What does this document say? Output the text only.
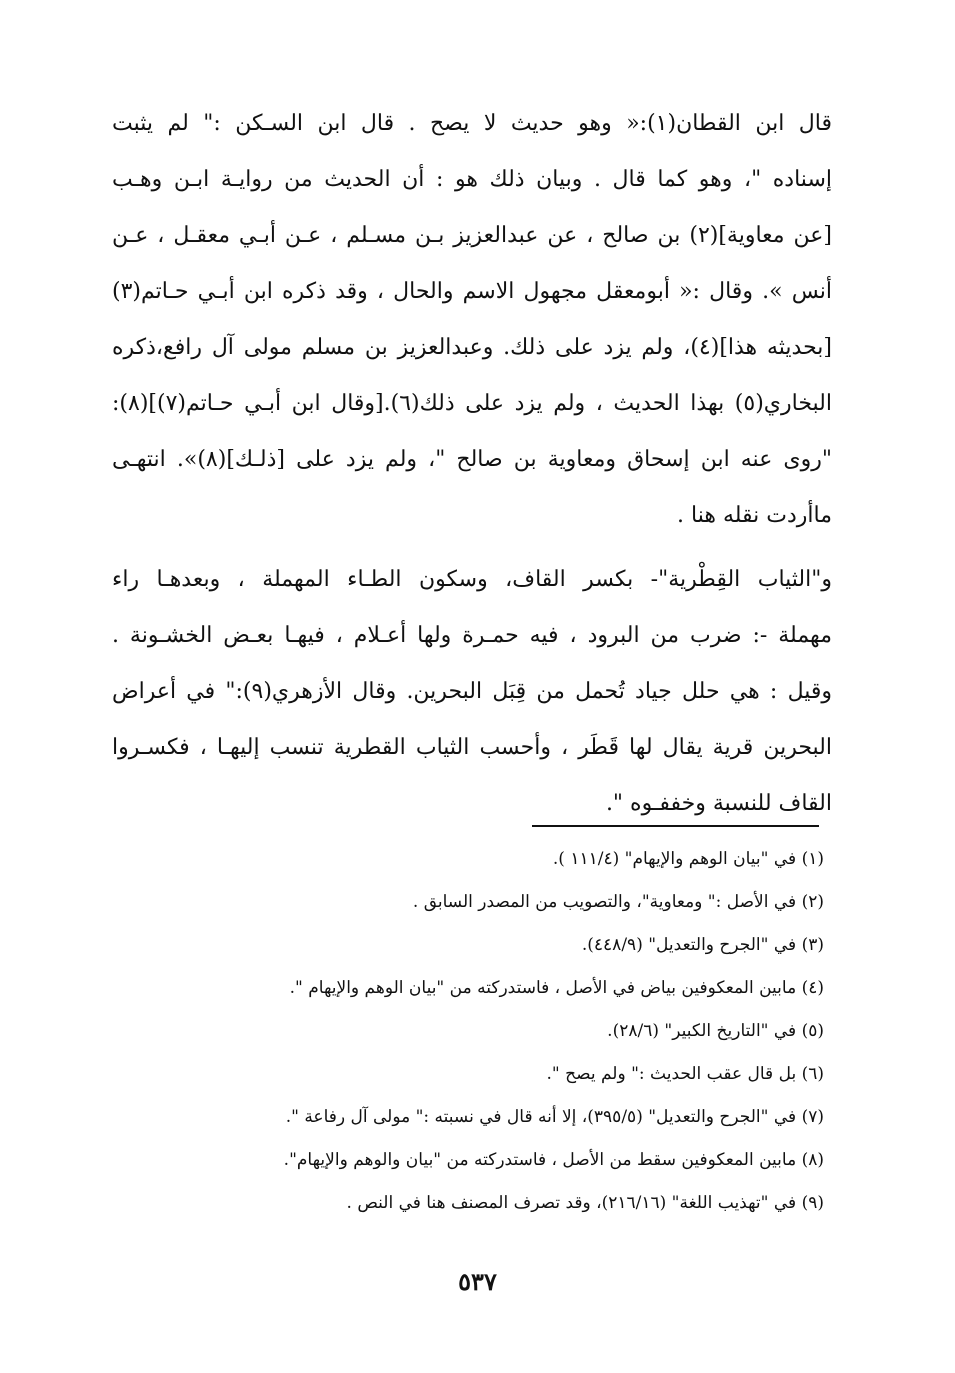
قال ابن القطان(١):« وهو حديث لا يصح . قال ابن السـكن :" لم يثبت
إسناده "، وهو كما قال . وبيان ذلك هو : أن الحديث من روايـة ابـن وهـب
[عن معاوية](٢) بن صالح ، عن عبدالعزيز بـن مسـلم ، عـن أبـي معقـل ، عـن
أنس ». وقال :« أبومعقل مجهول الاسم والحال ، وقد ذكره ابن أبـي حـاتم(٣)
[بحديثه هذا](٤)، ولم يزد على ذلك. وعبدالعزيز بن مسلم مولى آل رافع،ذكره
البخاري(٥) بهذا الحديث ، ولم يزد على ذلك(٦).[وقال ابن أبـي حـاتم(٧)](٨):
"روى عنه ابن إسحاق ومعاوية بن صالح "، ولم يزد على [ذلـك](٨)». انتهـى
ماأردت نقله هنا .
و"الثياب القِطْرية"- بكسر القاف، وسكون الطـاء المهملة ، وبعدهـا راء
مهملة -: ضرب من البرود ، فيه حمـرة ولها أعـلام ، فيهـا بعـض الخشـونة .
وقيل : هي حلل جياد تُحمل من قِبَل البحرين. وقال الأزهري(٩):" في أعراض
البحرين قرية يقال لها قَطَر ، وأحسب الثياب القطرية تنسب إليهـا ، فكسـروا
القاف للنسبة وخففـوه ".
(١) في "بيان الوهم والإيهام" (١١١/٤ ).
(٢) في الأصل :" ومعاوية"، والتصويب من المصدر السابق .
(٣) في "الجرح والتعديل" (٤٤٨/٩).
(٤) مابين المعكوفين بياض في الأصل ، فاستدركته من "بيان الوهم والإيهام ".
(٥) في "التاريخ الكبير" (٢٨/٦).
(٦) بل قال عقب الحديث :" ولم يصح ".
(٧) في "الجرح والتعديل" (٣٩٥/٥)، إلا أنه قال في نسبته :" مولى آل رفاعة ".
(٨) مابين المعكوفين سقط من الأصل ، فاستدركته من "بيان والوهم والإيهام".
(٩) في "تهذيب اللغة" (٢١٦/١٦)، وقد تصرف المصنف هنا في النص .
٥٣٧
